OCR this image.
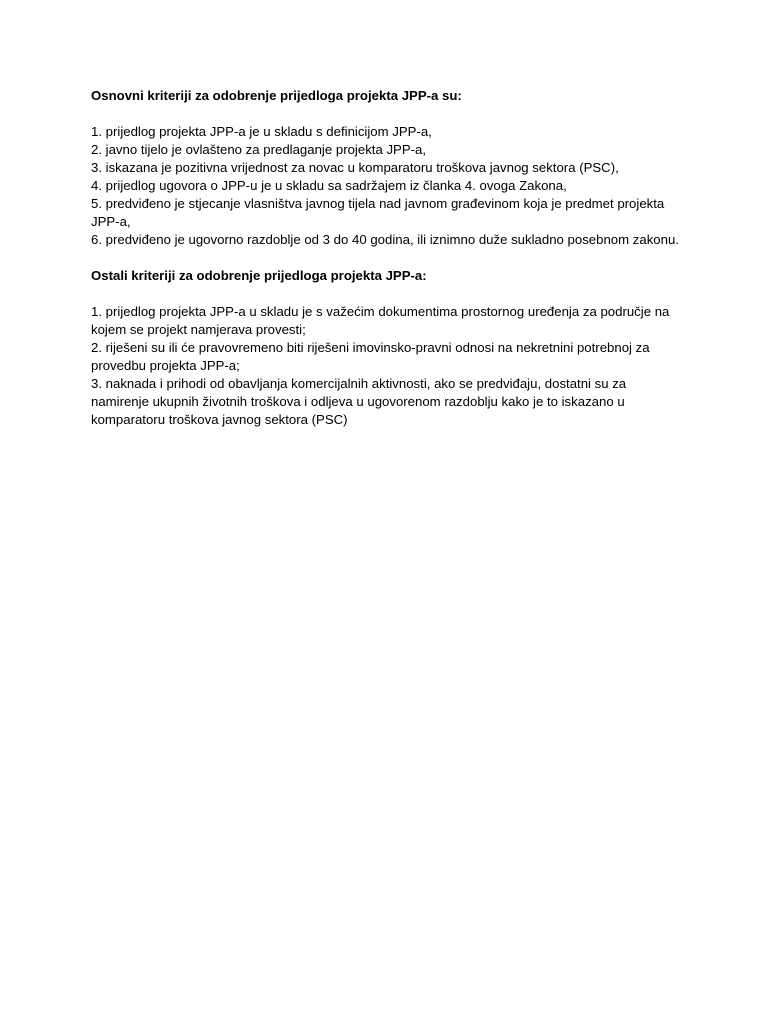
Osnovni kriteriji za odobrenje prijedloga projekta JPP-a su:
1. prijedlog projekta JPP-a je u skladu s definicijom JPP-a,
2. javno tijelo je ovlašteno za predlaganje projekta JPP-a,
3. iskazana je pozitivna vrijednost za novac u komparatoru troškova javnog sektora (PSC),
4. prijedlog ugovora o JPP-u je u skladu sa sadržajem iz članka 4. ovoga Zakona,
5. predviđeno je stjecanje vlasništva javnog tijela nad javnom građevinom koja je predmet projekta JPP-a,
6. predviđeno je ugovorno razdoblje od 3 do 40 godina, ili iznimno duže sukladno posebnom zakonu.
Ostali kriteriji za odobrenje prijedloga projekta JPP-a:
1. prijedlog projekta JPP-a u skladu je s važećim dokumentima prostornog uređenja za područje na kojem se projekt namjerava provesti;
2. riješeni su ili će pravovremeno biti riješeni imovinsko-pravni odnosi na nekretnini potrebnoj za provedbu projekta JPP-a;
3. naknada i prihodi od obavljanja komercijalnih aktivnosti, ako se predviđaju, dostatni su za namirenje ukupnih životnih troškova i odljeva u ugovorenom razdoblju kako je to iskazano u komparatoru troškova javnog sektora (PSC)
